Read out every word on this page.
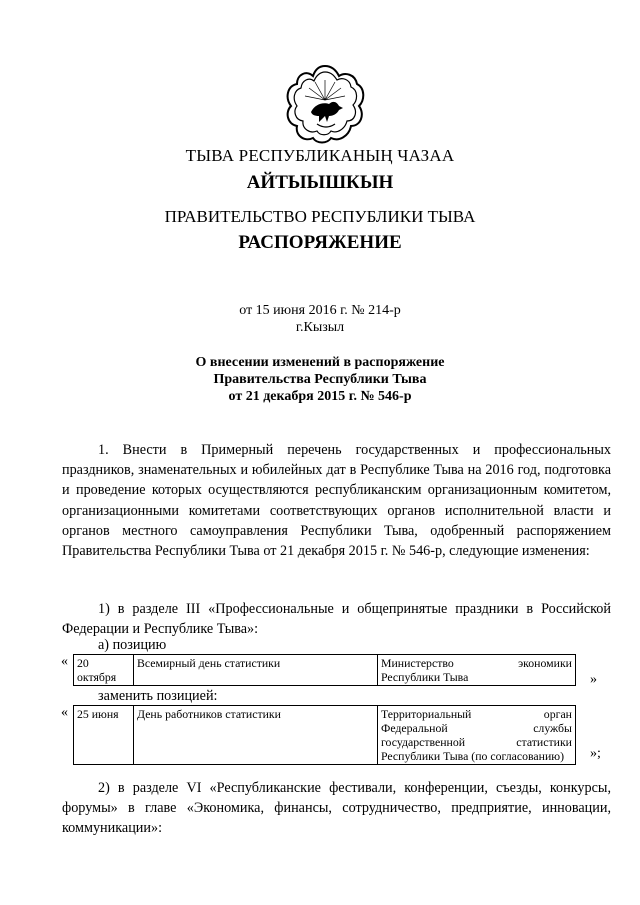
ТЫВА РЕСПУБЛИКАНЫҢ ЧАЗАА
АЙТЫЫШКЫН
ПРАВИТЕЛЬСТВО РЕСПУБЛИКИ ТЫВА
РАСПОРЯЖЕНИЕ
от 15 июня 2016 г. № 214-р
г.Кызыл
О внесении изменений в распоряжение
Правительства Республики Тыва
от 21 декабря 2015 г. № 546-р
1. Внести в Примерный перечень государственных и профессиональных праздников, знаменательных и юбилейных дат в Республике Тыва на 2016 год, подготовка и проведение которых осуществляются республиканским организационным комитетом, организационными комитетами соответствующих органов исполнительной власти и органов местного самоуправления Республики Тыва, одобренный распоряжением Правительства Республики Тыва от 21 декабря 2015 г. № 546-р, следующие изменения:
1) в разделе III «Профессиональные и общепринятые праздники в Российской Федерации и Республике Тыва»:
а) позицию
« 20 октября	Всемирный день статистики	Министерство экономики Республики Тыва	»
заменить позицией:
« 25 июня	День работников статистики	Территориальный орган Федеральной службы государственной статистики Республики Тыва (по согласованию) »;
2) в разделе VI «Республиканские фестивали, конференции, съезды, конкурсы, форумы» в главе «Экономика, финансы, сотрудничество, предприятие, инновации, коммуникации»:
